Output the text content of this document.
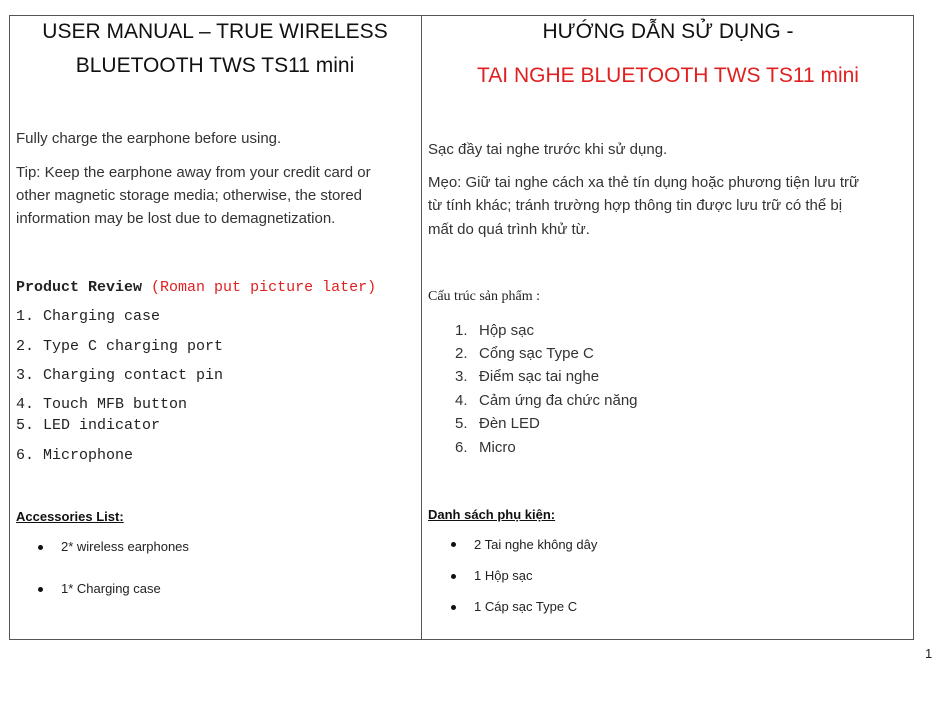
USER MANUAL – TRUE WIRELESS
BLUETOOTH TWS TS11 mini
Fully charge the earphone before using.
Tip: Keep the earphone away from your credit card or
other magnetic storage media; otherwise, the stored
information may be lost due to demagnetization.
Product Review (Roman put picture later)
1. Charging case
2. Type C charging port
3. Charging contact pin
4. Touch MFB button
5. LED indicator
6. Microphone
Accessories List:
2* wireless earphones
1* Charging case
HƯỚNG DẪN SỬ DỤNG -
TAI NGHE BLUETOOTH TWS TS11 mini
Sạc đầy tai nghe trước khi sử dụng.
Mẹo: Giữ tai nghe cách xa thẻ tín dụng hoặc phương tiện lưu trữ
từ tính khác; tránh trường hợp thông tin được lưu trữ có thể bị
mất do quá trình khử từ.
Cấu trúc sản phẩm :
1. Hộp sạc
2. Cổng sạc Type C
3. Điểm sạc tai nghe
4. Cảm ứng đa chức năng
5. Đèn LED
6. Micro
Danh sách phụ kiện:
2 Tai nghe không dây
1 Hộp sạc
1 Cáp sạc Type C
1
